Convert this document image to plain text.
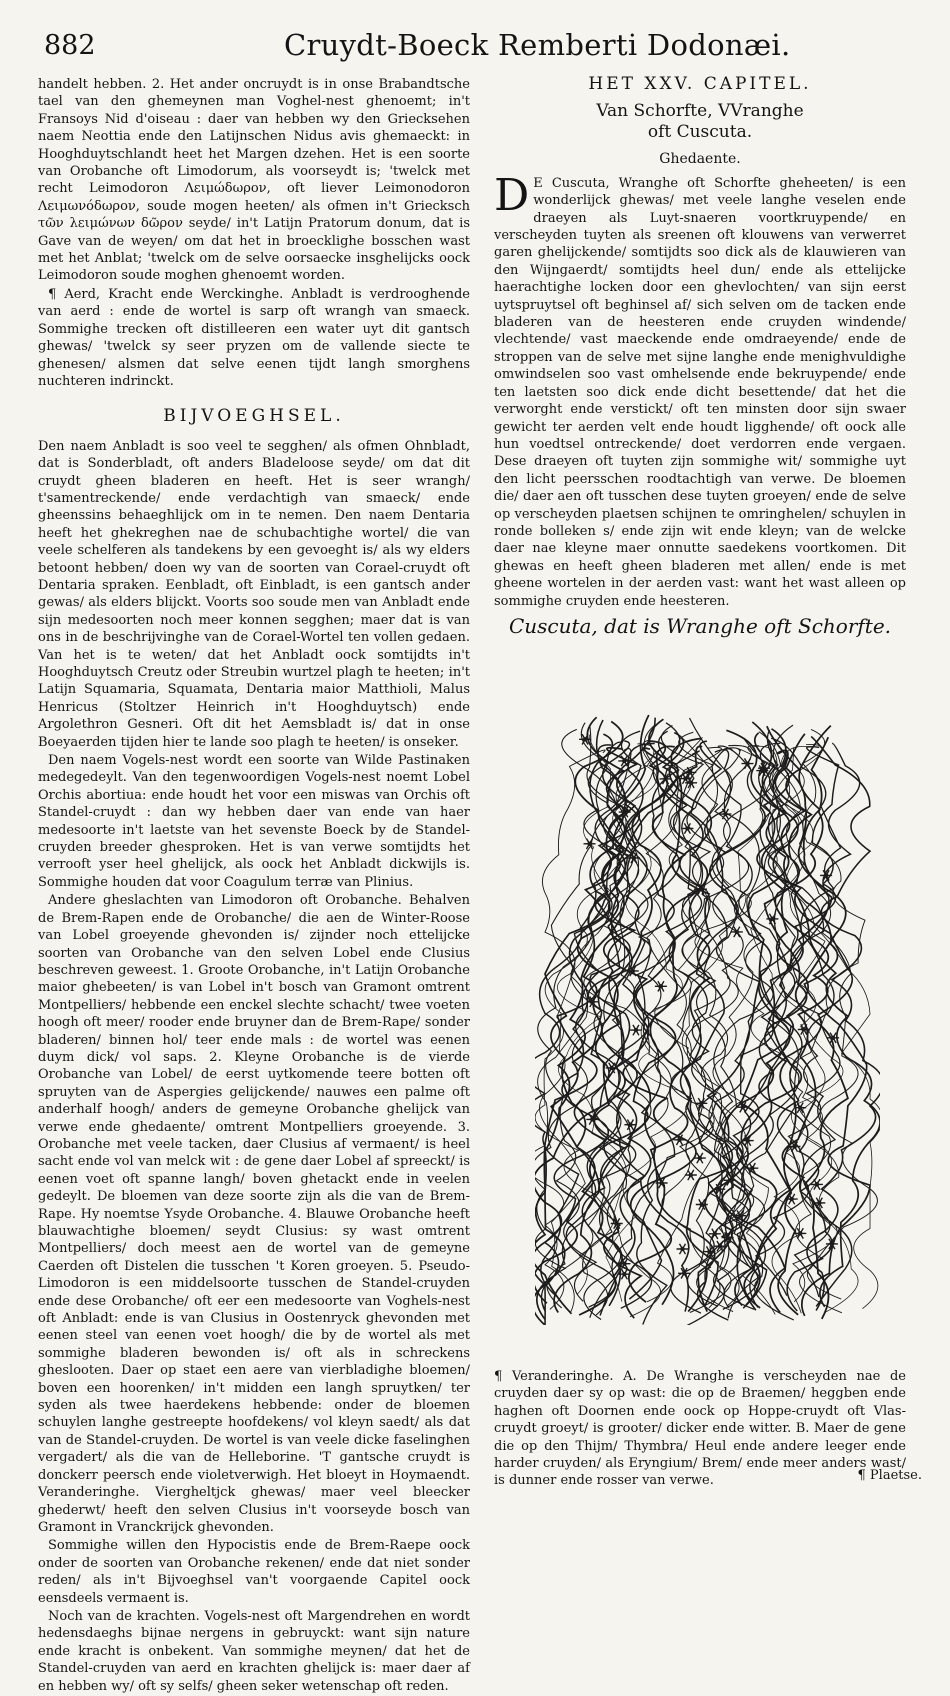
882	Cruydt-Boeck Remberti Dodonæi.

handelt hebben. 2. Het ander oncruydt is in onse Brabandtsche tael van den ghemeynen man Voghel-nest ghenoemt; in't Fransoys Nid d'oiseau : daer van hebben wy den Griecksehen naem Neottia ende den Latijnschen Nidus avis ghemaeckt: in Hooghduytschlandt heet het Margen dzehen. Het is een soorte van Orobanche oft Limodorum, als voorseydt is; 'twelck met recht Leimodoron Λειμώδωρον, oft liever Leimonodoron Λειμωνόδωρον, soude mogen heeten/ als ofmen in't Griecksch τῶν λειμώνων δῶρον seyde/ in't Latijn Pratorum donum, dat is Gave van de weyen/ om dat het in broecklighe bosschen wast met het Anblat; 'twelck om de selve oorsaecke insghelijcks oock Leimodoron soude moghen ghenoemt worden.

¶ Aerd, Kracht ende Werckinghe. Anbladt is verdrooghende van aerd : ende de wortel is sarp oft wrangh van smaeck. Sommighe trecken oft distilleeren een water uyt dit gantsch ghewas/ 'twelck sy seer pryzen om de vallende siecte te ghenesen/ alsmen dat selve eenen tijdt langh smorghens nuchteren indrinckt.

BIJVOEGHSEL.

Den naem Anbladt is soo veel te segghen/ als ofmen Ohnbladt, dat is Sonderbladt, oft anders Bladeloose seyde/ om dat dit cruydt gheen bladeren en heeft. Het is seer wrangh/ t'samentreckende/ ende verdachtigh van smaeck/ ende gheenssins behaeghlijck om in te nemen. Den naem Dentaria heeft het ghekreghen nae de schubachtighe wortel/ die van veele schelferen als tandekens by een gevoeght is/ als wy elders betoont hebben/ doen wy van de soorten van Corael-cruydt oft Dentaria spraken. Eenbladt, oft Einbladt, is een gantsch ander gewas/ als elders blijckt. Voorts soo soude men van Anbladt ende sijn medesoorten noch meer konnen segghen; maer dat is van ons in de beschrijvinghe van de Corael-Wortel ten vollen gedaen. Van het is te weten/ dat het Anbladt oock somtijdts in't Hooghduytsch Creutz oder Streubin wurtzel plagh te heeten; in't Latijn Squamaria, Squamata, Dentaria maior Matthioli, Malus Henricus (Stoltzer Heinrich in't Hooghduytsch) ende Argolethron Gesneri. Oft dit het Aemsbladt is/ dat in onse Boeyaerden tijden hier te lande soo plagh te heeten/ is onseker.

Den naem Vogels-nest wordt een soorte van Wilde Pastinaken medegedeylt. Van den tegenwoordigen Vogels-nest noemt Lobel Orchis abortiua: ende houdt het voor een miswas van Orchis oft Standel-cruydt : dan wy hebben daer van ende van haer medesoorte in't laetste van het sevenste Boeck by de Standel-cruyden breeder ghesproken. Het is van verwe somtijdts het verrooft yser heel ghelijck, als oock het Anbladt dickwijls is. Sommighe houden dat voor Coagulum terræ van Plinius.

Andere gheslachten van Limodoron oft Orobanche. Behalven de Brem-Rapen ende de Orobanche/ die aen de Winter-Roose van Lobel groeyende ghevonden is/ zijnder noch ettelijcke soorten van Orobanche van den selven Lobel ende Clusius beschreven geweest. 1. Groote Orobanche, in't Latijn Orobanche maior ghebeeten/ is van Lobel in't bosch van Gramont omtrent Montpelliers/ hebbende een enckel slechte schacht/ twee voeten hoogh oft meer/ rooder ende bruyner dan de Brem-Rape/ sonder bladeren/ binnen hol/ teer ende mals : de wortel was eenen duym dick/ vol saps. 2. Kleyne Orobanche is de vierde Orobanche van Lobel/ de eerst uytkomende teere botten oft spruyten van de Aspergies gelijckende/ nauwes een palme oft anderhalf hoogh/ anders de gemeyne Orobanche ghelijck van verwe ende ghedaente/ omtrent Montpelliers groeyende. 3. Orobanche met veele tacken, daer Clusius af vermaent/ is heel sacht ende vol van melck wit : de gene daer Lobel af spreeckt/ is eenen voet oft spanne langh/ boven ghetackt ende in veelen gedeylt. De bloemen van deze soorte zijn als die van de Brem-Rape. Hy noemtse Ysyde Orobanche. 4. Blauwe Orobanche heeft blauwachtighe bloemen/ seydt Clusius: sy wast omtrent Montpelliers/ doch meest aen de wortel van de gemeyne Caerden oft Distelen die tusschen 't Koren groeyen. 5. Pseudo-Limodoron is een middelsoorte tusschen de Standel-cruyden ende dese Orobanche/ oft eer een medesoorte van Voghels-nest oft Anbladt: ende is van Clusius in Oostenryck ghevonden met eenen steel van eenen voet hoogh/ die by de wortel als met sommighe bladeren bewonden is/ oft als in schreckens gheslooten. Daer op staet een aere van vierbladighe bloemen/ boven een hoorenken/ in't midden een langh spruytken/ ter syden als twee haerdekens hebbende: onder de bloemen schuylen langhe gestreepte hoofdekens/ vol kleyn saedt/ als dat van de Standel-cruyden. De wortel is van veele dicke faselinghen vergadert/ als die van de Helleborine. 'T gantsche cruydt is donckerr peersch ende violetverwigh. Het bloeyt in Hoymaendt. Veranderinghe. Viergheltjck ghewas/ maer veel bleecker ghederwt/ heeft den selven Clusius in't voorseyde bosch van Gramont in Vranckrijck ghevonden.

Sommighe willen den Hypocistis ende de Brem-Raepe oock onder de soorten van Orobanche rekenen/ ende dat niet sonder reden/ als in't Bijvoeghsel van't voorgaende Capitel oock eensdeels vermaent is.

Noch van de krachten. Vogels-nest oft Margendrehen en wordt hedensdaeghs bijnae nergens in gebruyckt: want sijn nature ende kracht is onbekent. Van sommighe meynen/ dat het de Standel-cruyden van aerd en krachten ghelijck is: maer daer af en hebben wy/ oft sy selfs/ gheen seker wetenschap oft reden.

HET XXV. CAPITEL.
Van Schorfte, VVranghe
oft Cuscuta.
Ghedaente.

D E Cuscuta, Wranghe oft Schorfte gheheeten/ is een wonderlijck ghewas/ met veele langhe veselen ende draeyen als Luyt-snaeren voortkruypende/ en verscheyden tuyten als sreenen oft klouwens van verwerret garen ghelijckende/ somtijdts soo dick als de klauwieren van den Wijngaerdt/ somtijdts heel dun/ ende als ettelijcke haerachtighe locken door een ghevlochten/ van sijn eerst uytspruytsel oft beghinsel af/ sich selven om de tacken ende bladeren van de heesteren ende cruyden windende/ vlechtende/ vast maeckende ende omdraeyende/ ende de stroppen van de selve met sijne langhe ende menighvuldighe omwindselen soo vast omhelsende ende bekruypende/ ende ten laetsten soo dick ende dicht besettende/ dat het die verworght ende verstickt/ oft ten minsten door sijn swaer gewicht ter aerden velt ende houdt ligghende/ oft oock alle hun voedtsel ontreckende/ doet verdorren ende vergaen. Dese draeyen oft tuyten zijn sommighe wit/ sommighe uyt den licht peersschen roodtachtigh van verwe. De bloemen die/ daer aen oft tusschen dese tuyten groeyen/ ende de selve op verscheyden plaetsen schijnen te omringhelen/ schuylen in ronde bolleken s/ ende zijn wit ende kleyn; van de welcke daer nae kleyne maer onnutte saedekens voortkomen. Dit ghewas en heeft gheen bladeren met allen/ ende is met gheene wortelen in der aerden vast: want het wast alleen op sommighe cruyden ende heesteren.

Cuscuta, dat is Wranghe oft Schorfte.

¶ Veranderinghe. A. De Wranghe is verscheyden nae de cruyden daer sy op wast: die op de Braemen/ heggben ende haghen oft Doornen ende oock op Hoppe-cruydt oft Vlas-cruydt groeyt/ is grooter/ dicker ende witter. B. Maer de gene die op den Thijm/ Thymbra/ Heul ende andere leeger ende harder cruyden/ als Eryngium/ Brem/ ende meer anders wast/ is dunner ende rosser van verwe.	¶ Plaetse.
